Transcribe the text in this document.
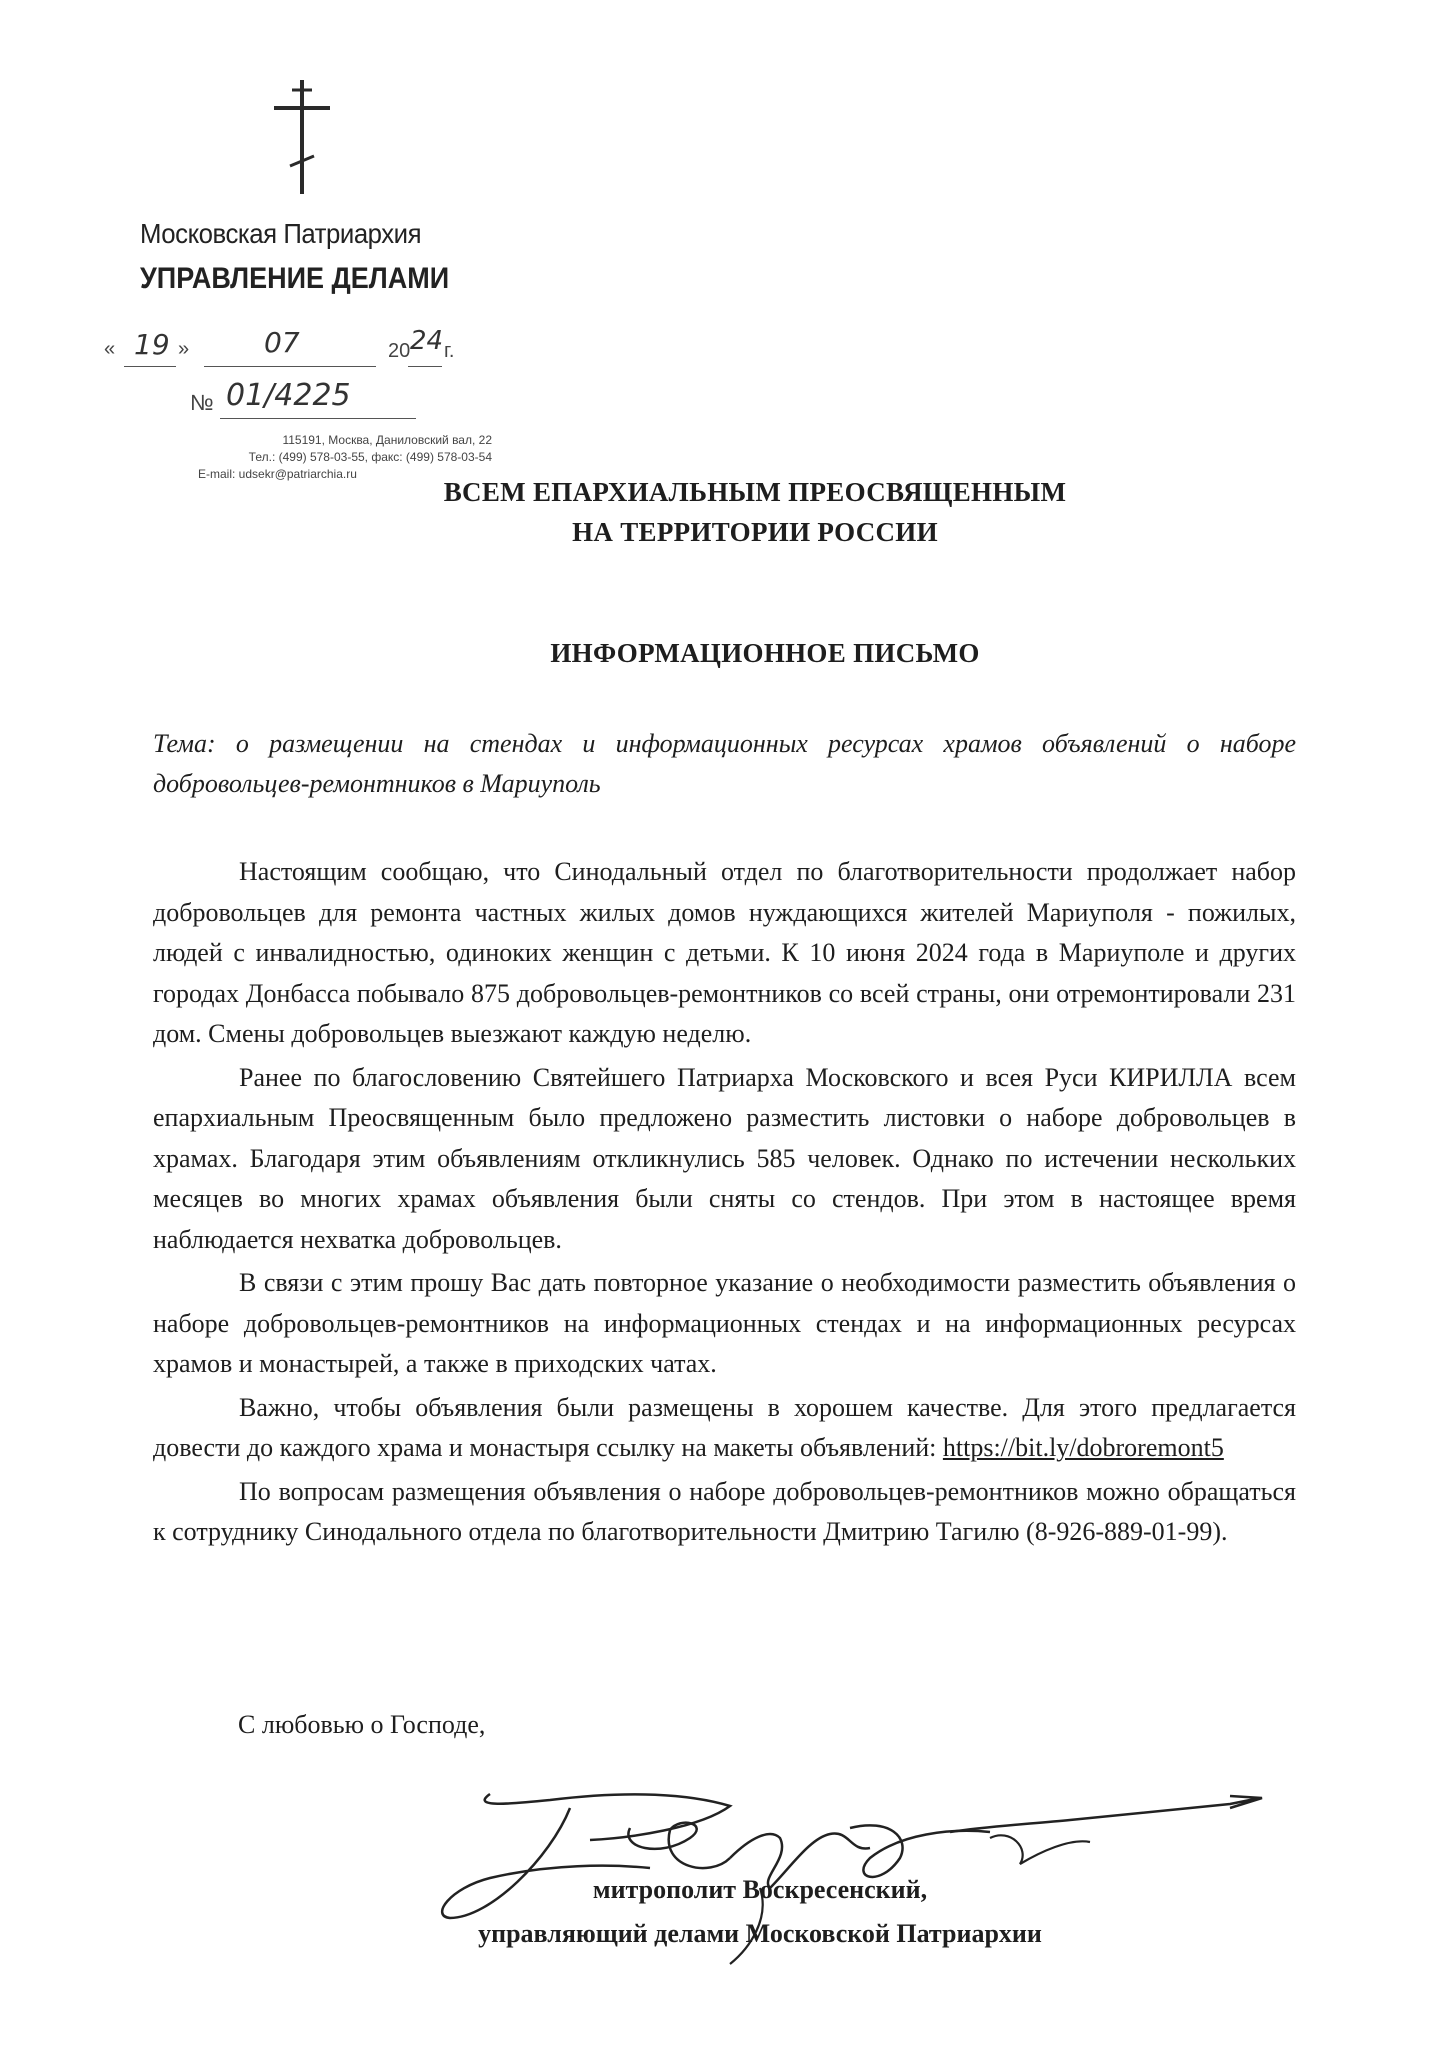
Московская Патриархия
УПРАВЛЕНИЕ ДЕЛАМИ
« 19 »	07	20 24 г.
№ 01/4225
115191, Москва, Даниловский вал, 22
Тел.: (499) 578-03-55, факс: (499) 578-03-54
E-mail: udsekr@patriarchia.ru
ВСЕМ ЕПАРХИАЛЬНЫМ ПРЕОСВЯЩЕННЫМ
НА ТЕРРИТОРИИ РОССИИ
ИНФОРМАЦИОННОЕ ПИСЬМО
Тема: о размещении на стендах и информационных ресурсах храмов объявлений о наборе добровольцев-ремонтников в Мариуполь

Настоящим сообщаю, что Синодальный отдел по благотворительности продолжает набор добровольцев для ремонта частных жилых домов нуждающихся жителей Мариуполя - пожилых, людей с инвалидностью, одиноких женщин с детьми. К 10 июня 2024 года в Мариуполе и других городах Донбасса побывало 875 добровольцев-ремонтников со всей страны, они отремонтировали 231 дом. Смены добровольцев выезжают каждую неделю.

Ранее по благословению Святейшего Патриарха Московского и всея Руси КИРИЛЛА всем епархиальным Преосвященным было предложено разместить листовки о наборе добровольцев в храмах. Благодаря этим объявлениям откликнулись 585 человек. Однако по истечении нескольких месяцев во многих храмах объявления были сняты со стендов. При этом в настоящее время наблюдается нехватка добровольцев.

В связи с этим прошу Вас дать повторное указание о необходимости разместить объявления о наборе добровольцев-ремонтников на информационных стендах и на информационных ресурсах храмов и монастырей, а также в приходских чатах.

Важно, чтобы объявления были размещены в хорошем качестве. Для этого предлагается довести до каждого храма и монастыря ссылку на макеты объявлений: https://bit.ly/dobroremont5

По вопросам размещения объявления о наборе добровольцев-ремонтников можно обращаться к сотруднику Синодального отдела по благотворительности Дмитрию Тагилю (8-926-889-01-99).

С любовью о Господе,
митрополит Воскресенский,
управляющий делами Московской Патриархии
